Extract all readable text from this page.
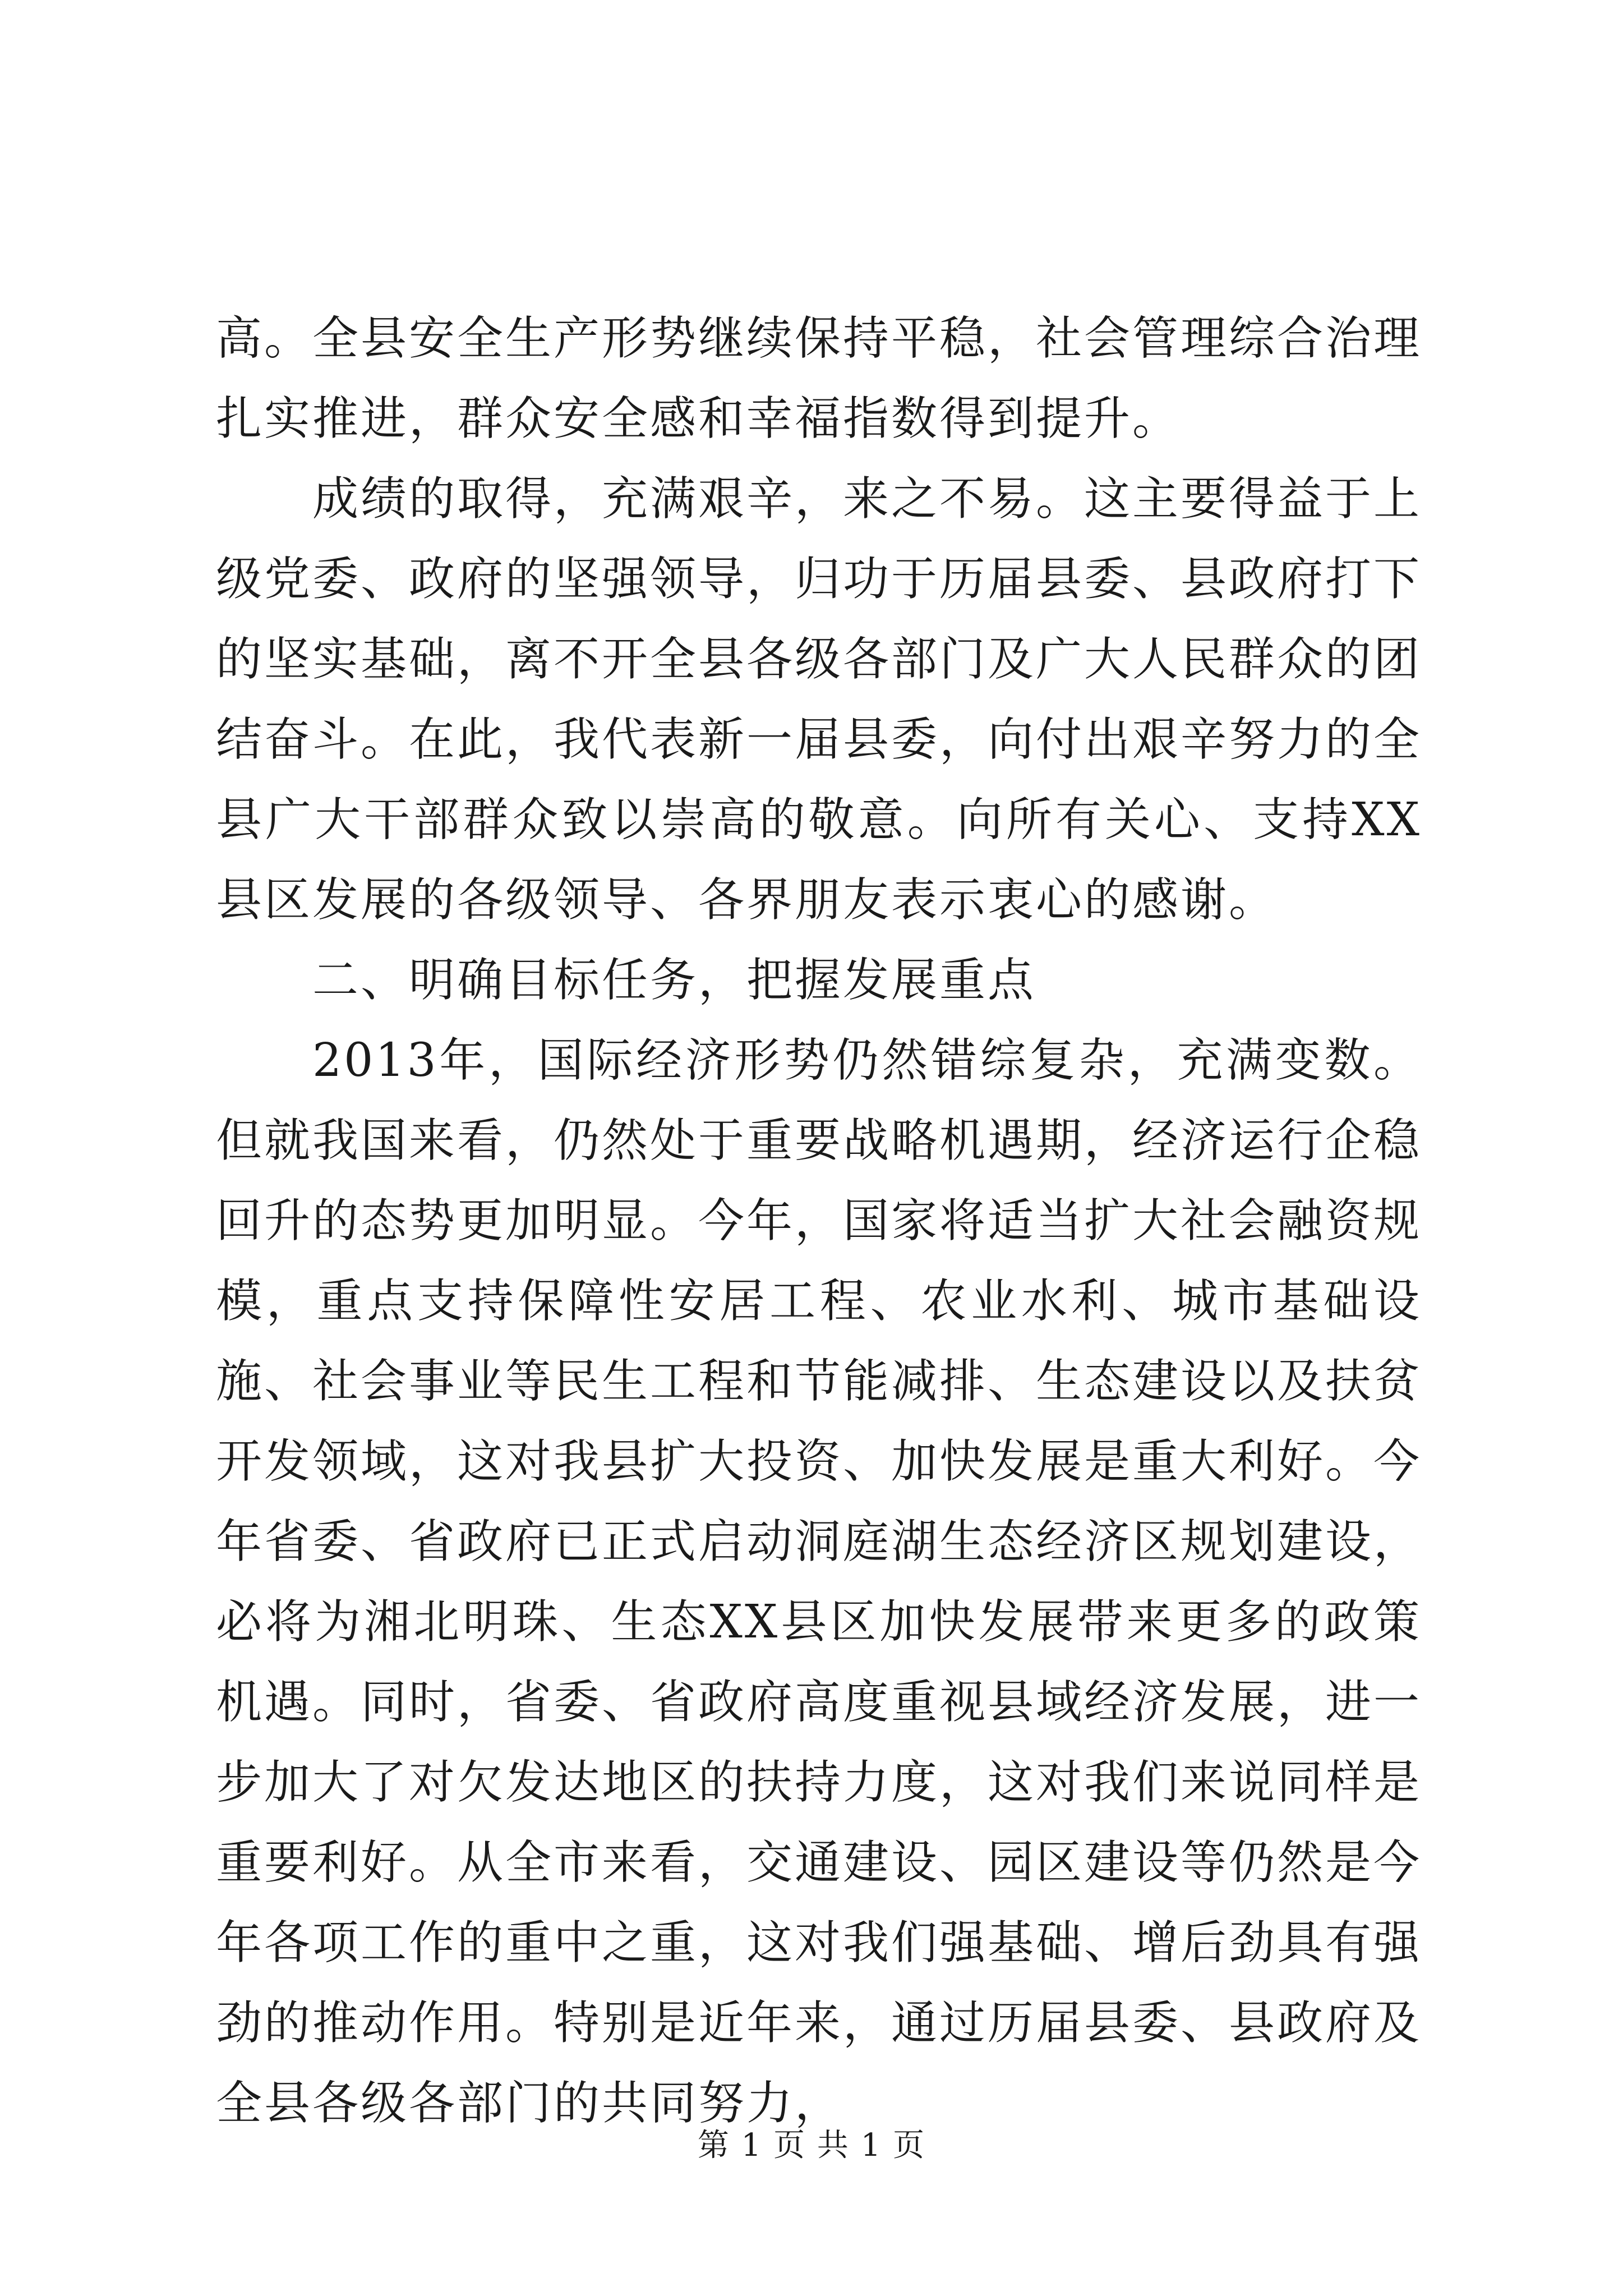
高。全县安全生产形势继续保持平稳，社会管理综合治理扎实推进，群众安全感和幸福指数得到提升。

成绩的取得，充满艰辛，来之不易。这主要得益于上级党委、政府的坚强领导，归功于历届县委、县政府打下的坚实基础，离不开全县各级各部门及广大人民群众的团结奋斗。在此，我代表新一届县委，向付出艰辛努力的全县广大干部群众致以崇高的敬意。向所有关心、支持XX县区发展的各级领导、各界朋友表示衷心的感谢。

二、明确目标任务，把握发展重点

2013年，国际经济形势仍然错综复杂，充满变数。但就我国来看，仍然处于重要战略机遇期，经济运行企稳回升的态势更加明显。今年，国家将适当扩大社会融资规模，重点支持保障性安居工程、农业水利、城市基础设施、社会事业等民生工程和节能减排、生态建设以及扶贫开发领域，这对我县扩大投资、加快发展是重大利好。今年省委、省政府已正式启动洞庭湖生态经济区规划建设，必将为湘北明珠、生态XX县区加快发展带来更多的政策机遇。同时，省委、省政府高度重视县域经济发展，进一步加大了对欠发达地区的扶持力度，这对我们来说同样是重要利好。从全市来看，交通建设、园区建设等仍然是今年各项工作的重中之重，这对我们强基础、增后劲具有强劲的推动作用。特别是近年来，通过历届县委、县政府及全县各级各部门的共同努力，

第 1 页 共 1 页
